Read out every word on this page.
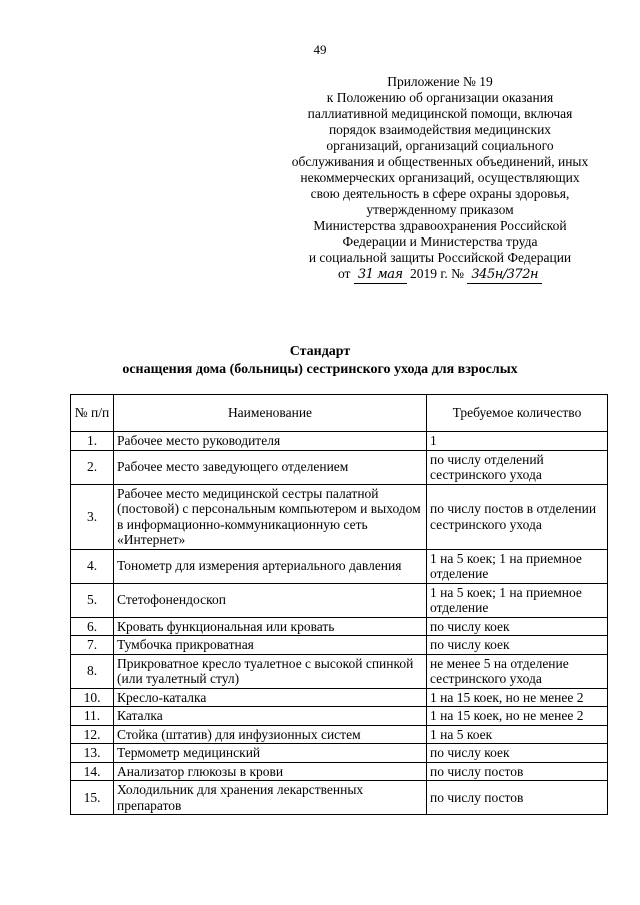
49
Приложение № 19
к Положению об организации оказания
паллиативной медицинской помощи, включая
порядок взаимодействия медицинских
организаций, организаций социального
обслуживания и общественных объединений, иных
некоммерческих организаций, осуществляющих
свою деятельность в сфере охраны здоровья,
утвержденному приказом
Министерства здравоохранения Российской
Федерации и Министерства труда
и социальной защиты Российской Федерации
от 31 мая 2019 г. № 345н/372н
Стандарт
оснащения дома (больницы) сестринского ухода для взрослых
№ п/п	Наименование	Требуемое количество
1.	Рабочее место руководителя	1
2.	Рабочее место заведующего отделением	по числу отделений сестринского ухода
3.	Рабочее место медицинской сестры палатной (постовой) с персональным компьютером и выходом в информационно-коммуникационную сеть «Интернет»	по числу постов в отделении сестринского ухода
4.	Тонометр для измерения артериального давления	1 на 5 коек; 1 на приемное отделение
5.	Стетофонендоскоп	1 на 5 коек; 1 на приемное отделение
6.	Кровать функциональная или кровать	по числу коек
7.	Тумбочка прикроватная	по числу коек
8.	Прикроватное кресло туалетное с высокой спинкой (или туалетный стул)	не менее 5 на отделение сестринского ухода
10.	Кресло-каталка	1 на 15 коек, но не менее 2
11.	Каталка	1 на 15 коек, но не менее 2
12.	Стойка (штатив) для инфузионных систем	1 на 5 коек
13.	Термометр медицинский	по числу коек
14.	Анализатор глюкозы в крови	по числу постов
15.	Холодильник для хранения лекарственных препаратов	по числу постов
